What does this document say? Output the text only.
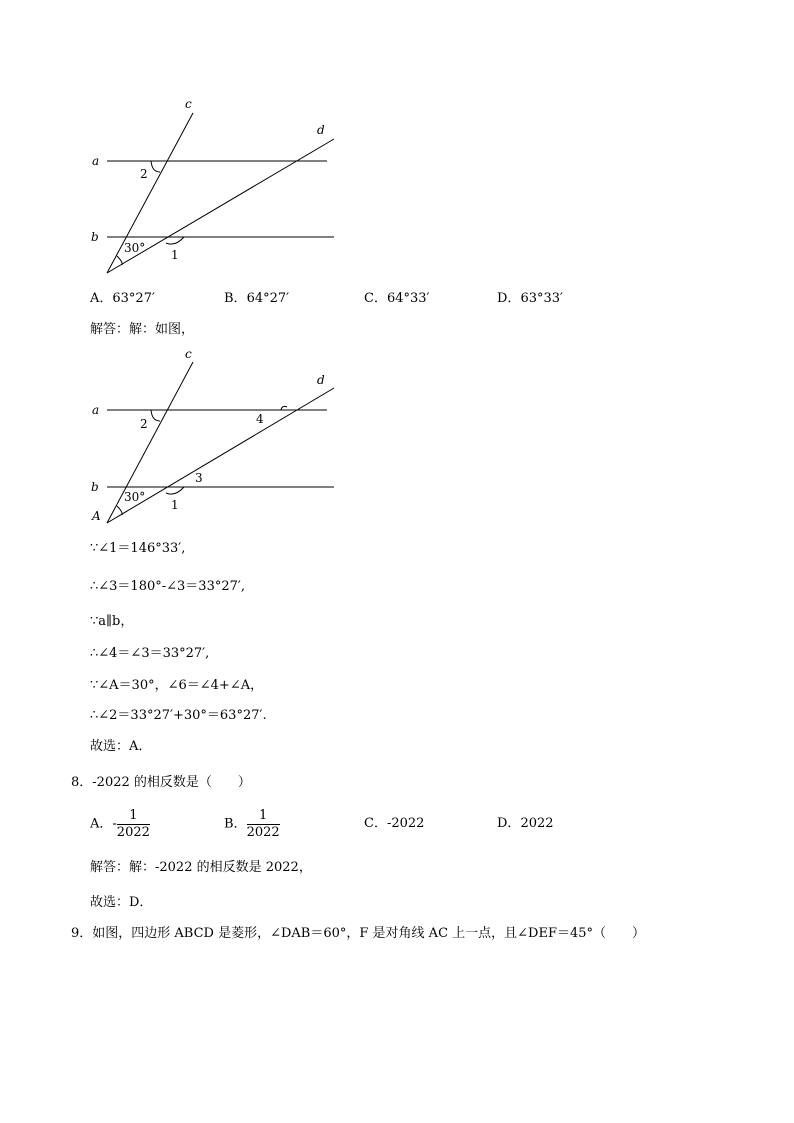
a
b
c
d
2
1
30°
A．63°27′	B．64°27′	C．64°33′	D．63°33′
解答：解：如图，
a
b
c
d
2
1
3
4
30°
A
∵∠1＝146°33′,
∴∠3＝180°-∠3＝33°27′,
∵a∥b，
∴∠4＝∠3＝33°27′,
∵∠A＝30°，∠6＝∠4+∠A，
∴∠2＝33°27′+30°＝63°27′.
故选：A．
8．-2022 的相反数是（　　）
A．- $\frac{1}{2022}$	B． $\frac{1}{2022}$	C．-2022	D．2022
解答：解：-2022 的相反数是 2022，
故选：D．
9．如图，四边形 ABCD 是菱形，∠DAB＝60°，F 是对角线 AC 上一点，且∠DEF＝45°（　　）
